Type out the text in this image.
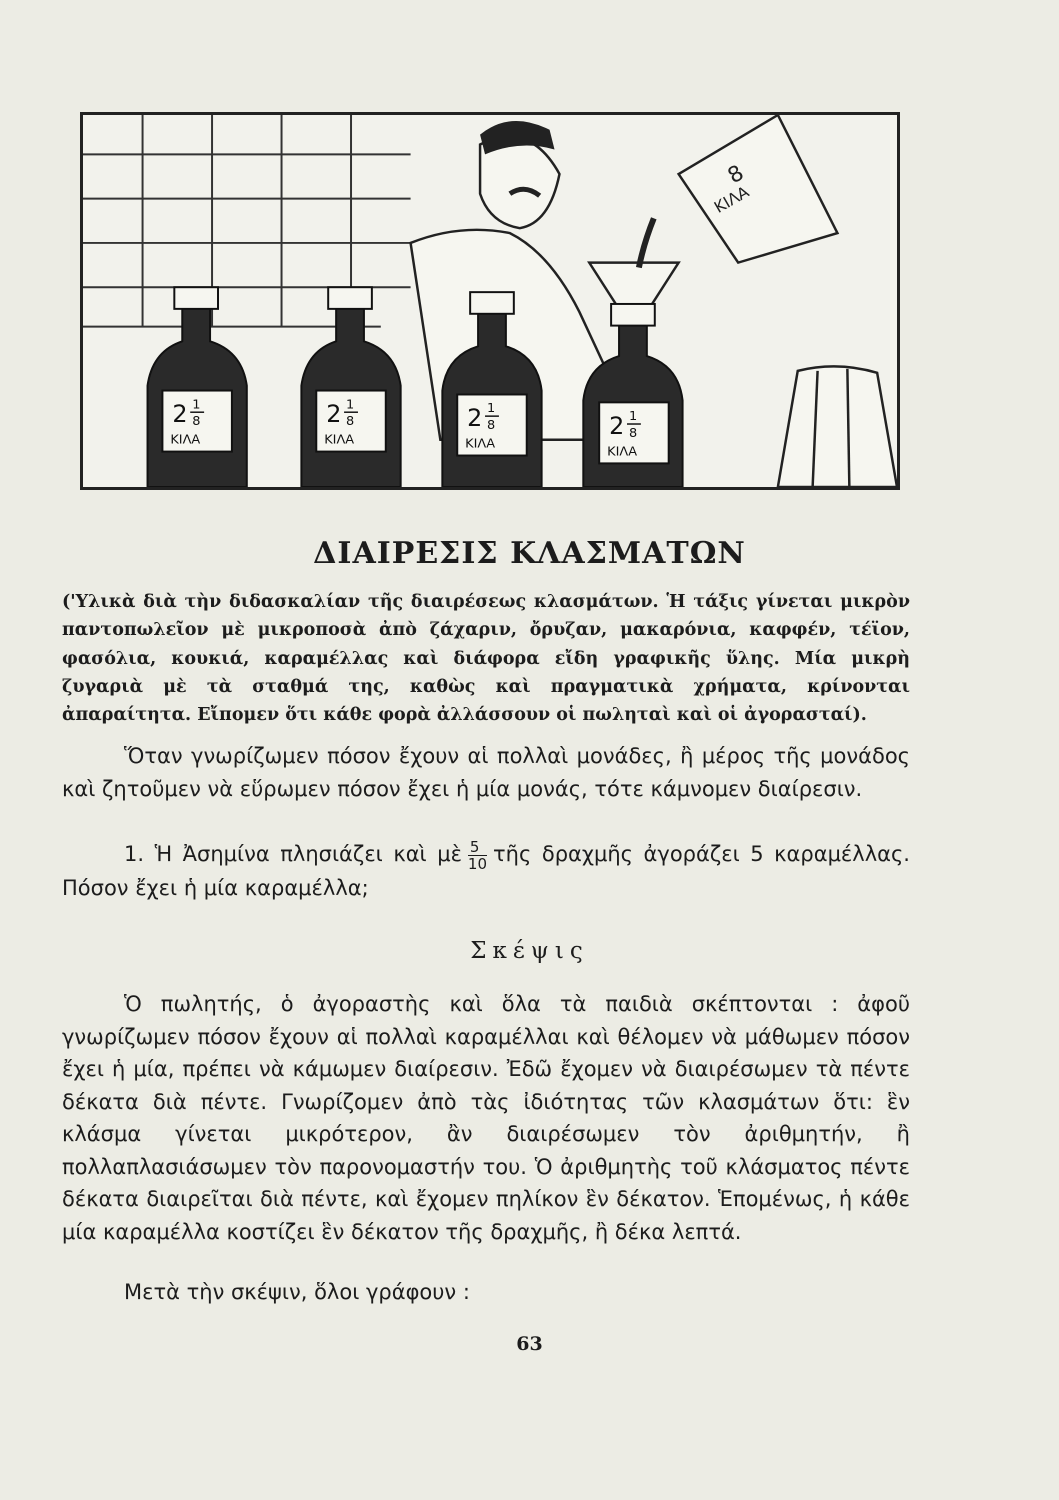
8
ΚΙΛΑ
2 1
8
ΚΙΛΑ
2 1
8
ΚΙΛΑ
2 1
8
ΚΙΛΑ
2 1
8
ΚΙΛΑ
ΔΙΑΙΡΕΣΙΣ ΚΛΑΣΜΑΤΩΝ
('Υλικὰ διὰ τὴν διδασκαλίαν τῆς διαιρέσεως κλασμάτων. Ἡ τάξις γίνεται μικρὸν παντοπωλεῖον μὲ μικροποσὰ ἀπὸ ζάχαριν, ὄρυζαν, μακαρόνια, καφφέν, τέϊον, φασόλια, κουκιά, καραμέλλας καὶ διάφορα εἴδη γραφικῆς ὕλης. Μία μικρὴ ζυγαριὰ μὲ τὰ σταθμά της, καθὼς καὶ πραγματικὰ χρήματα, κρίνονται ἀπαραίτητα. Εἴπομεν ὅτι κάθε φορὰ ἀλλάσσουν οἱ πωληταὶ καὶ οἱ ἀγορασταί).
Ὅταν γνωρίζωμεν πόσον ἔχουν αἱ πολλαὶ μονάδες, ἢ μέρος τῆς μονάδος καὶ ζητοῦμεν νὰ εὕρωμεν πόσον ἔχει ἡ μία μονάς, τότε κάμνομεν διαίρεσιν.
1. Ἡ Ἀσημίνα πλησιάζει καὶ μὲ $\frac{5}{10}$ τῆς δραχμῆς ἀγοράζει 5 καραμέλλας. Πόσον ἔχει ἡ μία καραμέλλα;
Σκέψις
Ὁ πωλητής, ὁ ἀγοραστὴς καὶ ὅλα τὰ παιδιὰ σκέπτονται : ἀφοῦ γνωρίζωμεν πόσον ἔχουν αἱ πολλαὶ καραμέλλαι καὶ θέλομεν νὰ μάθωμεν πόσον ἔχει ἡ μία, πρέπει νὰ κάμωμεν διαίρεσιν. Ἐδῶ ἔχομεν νὰ διαιρέσωμεν τὰ πέντε δέκατα διὰ πέντε. Γνωρίζομεν ἀπὸ τὰς ἰδιότητας τῶν κλασμάτων ὅτι: ἓν κλάσμα γίνεται μικρότερον, ἂν διαιρέσωμεν τὸν ἀριθμητήν, ἢ πολλαπλασιάσωμεν τὸν παρονομαστήν του. Ὁ ἀριθμητὴς τοῦ κλάσματος πέντε δέκατα διαιρεῖται διὰ πέντε, καὶ ἔχομεν πηλίκον ἓν δέκατον. Ἑπομένως, ἡ κάθε μία καραμέλλα κοστίζει ἓν δέκατον τῆς δραχμῆς, ἢ δέκα λεπτά.
Μετὰ τὴν σκέψιν, ὅλοι γράφουν :
63
